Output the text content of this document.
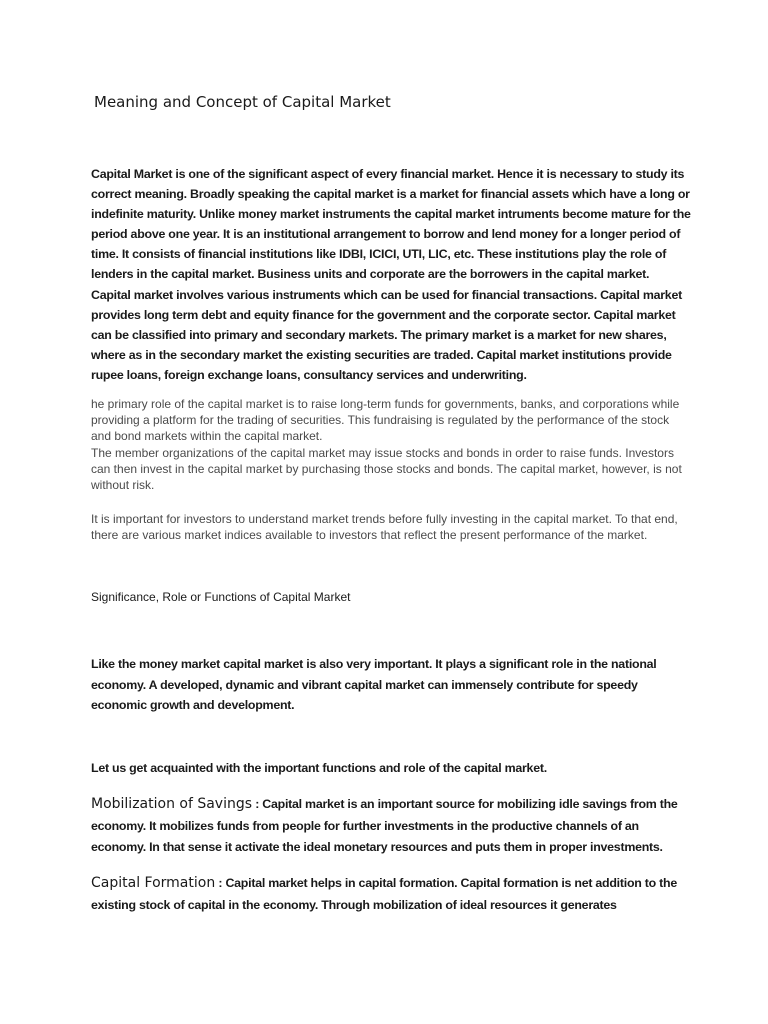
Meaning and Concept of Capital Market
Capital Market is one of the significant aspect of every financial market. Hence it is necessary to study its correct meaning. Broadly speaking the capital market is a market for financial assets which have a long or indefinite maturity. Unlike money market instruments the capital market intruments become mature for the period above one year. It is an institutional arrangement to borrow and lend money for a longer period of time. It consists of financial institutions like IDBI, ICICI, UTI, LIC, etc. These institutions play the role of lenders in the capital market. Business units and corporate are the borrowers in the capital market. Capital market involves various instruments which can be used for financial transactions. Capital market provides long term debt and equity finance for the government and the corporate sector. Capital market can be classified into primary and secondary markets. The primary market is a market for new shares, where as in the secondary market the existing securities are traded. Capital market institutions provide rupee loans, foreign exchange loans, consultancy services and underwriting.
he primary role of the capital market is to raise long-term funds for governments, banks, and corporations while providing a platform for the trading of securities. This fundraising is regulated by the performance of the stock and bond markets within the capital market.
The member organizations of the capital market may issue stocks and bonds in order to raise funds. Investors can then invest in the capital market by purchasing those stocks and bonds. The capital market, however, is not without risk.
It is important for investors to understand market trends before fully investing in the capital market. To that end, there are various market indices available to investors that reflect the present performance of the market.
Significance, Role or Functions of Capital Market
Like the money market capital market is also very important. It plays a significant role in the national economy. A developed, dynamic and vibrant capital market can immensely contribute for speedy economic growth and development.
Let us get acquainted with the important functions and role of the capital market.
Mobilization of Savings : Capital market is an important source for mobilizing idle savings from the economy. It mobilizes funds from people for further investments in the productive channels of an economy. In that sense it activate the ideal monetary resources and puts them in proper investments.
Capital Formation : Capital market helps in capital formation. Capital formation is net addition to the existing stock of capital in the economy. Through mobilization of ideal resources it generates
